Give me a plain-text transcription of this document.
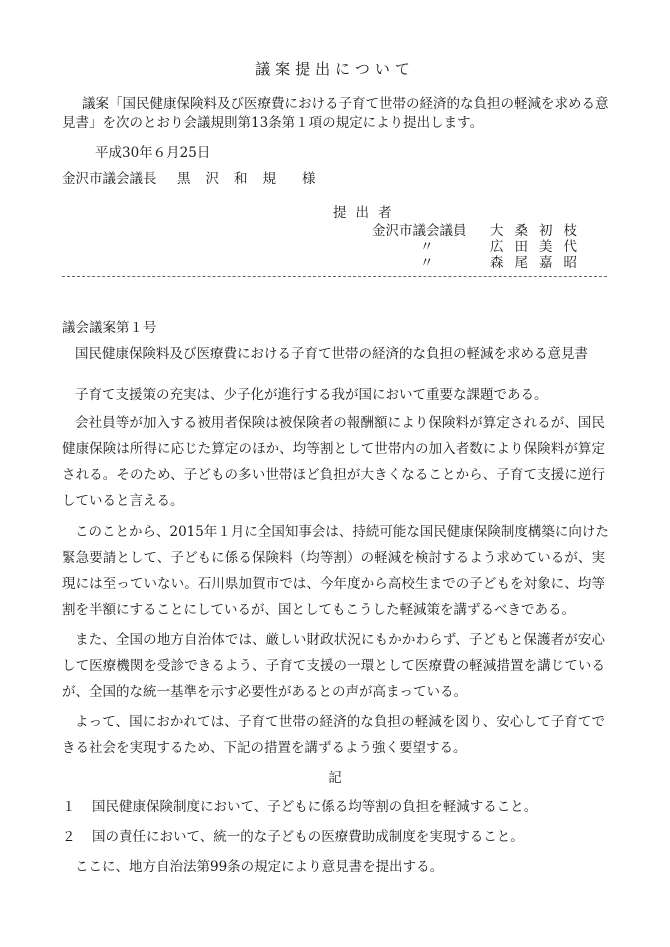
議案提出について
議案「国民健康保険料及び医療費における子育て世帯の経済的な負担の軽減を求める意
見書」を次のとおり会議規則第13条第１項の規定により提出します。
平成30年６月25日
金沢市議会議長 黒沢和規 様
提出者
金沢市議会議員 大桑初枝
〃	広田美代
〃	森尾嘉昭
議会議案第１号
国民健康保険料及び医療費における子育て世帯の経済的な負担の軽減を求める意見書
子育て支援策の充実は、少子化が進行する我が国において重要な課題である。
会社員等が加入する被用者保険は被保険者の報酬額により保険料が算定されるが、国民
健康保険は所得に応じた算定のほか、均等割として世帯内の加入者数により保険料が算定
される。そのため、子どもの多い世帯ほど負担が大きくなることから、子育て支援に逆行
していると言える。
このことから、2015年１月に全国知事会は、持続可能な国民健康保険制度構築に向けた
緊急要請として、子どもに係る保険料（均等割）の軽減を検討するよう求めているが、実
現には至っていない。石川県加賀市では、今年度から高校生までの子どもを対象に、均等
割を半額にすることにしているが、国としてもこうした軽減策を講ずるべきである。
また、全国の地方自治体では、厳しい財政状況にもかかわらず、子どもと保護者が安心
して医療機関を受診できるよう、子育て支援の一環として医療費の軽減措置を講じている
が、全国的な統一基準を示す必要性があるとの声が高まっている。
よって、国におかれては、子育て世帯の経済的な負担の軽減を図り、安心して子育てで
きる社会を実現するため、下記の措置を講ずるよう強く要望する。
記
１ 国民健康保険制度において、子どもに係る均等割の負担を軽減すること。
２ 国の責任において、統一的な子どもの医療費助成制度を実現すること。
ここに、地方自治法第99条の規定により意見書を提出する。
